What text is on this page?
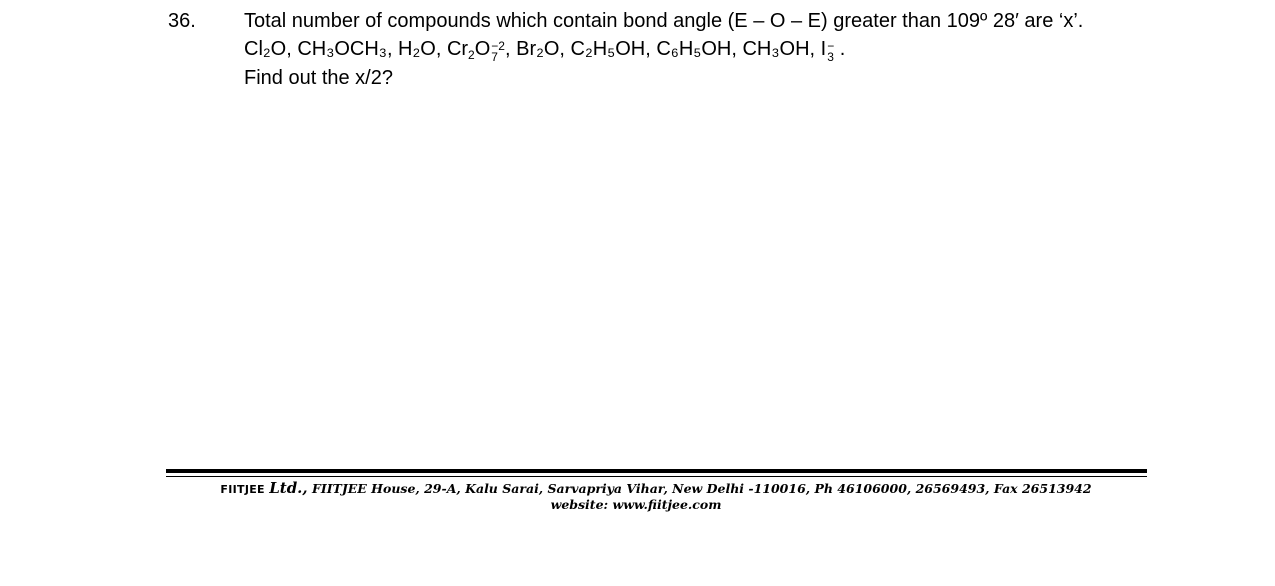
36. Total number of compounds which contain bond angle (E – O – E) greater than 109º 28′ are ‘x’.
Cl₂O, CH₃OCH₃, H₂O, $Cr_2O -2$
7 , Br₂O, C₂H₅OH, C₆H₅OH, CH₃OH, I −
3 .
Find out the x/2?
FIITJEE Ltd., FIITJEE House, 29-A, Kalu Sarai, Sarvapriya Vihar, New Delhi -110016, Ph 46106000, 26569493, Fax 26513942
website: www.fiitjee.com
